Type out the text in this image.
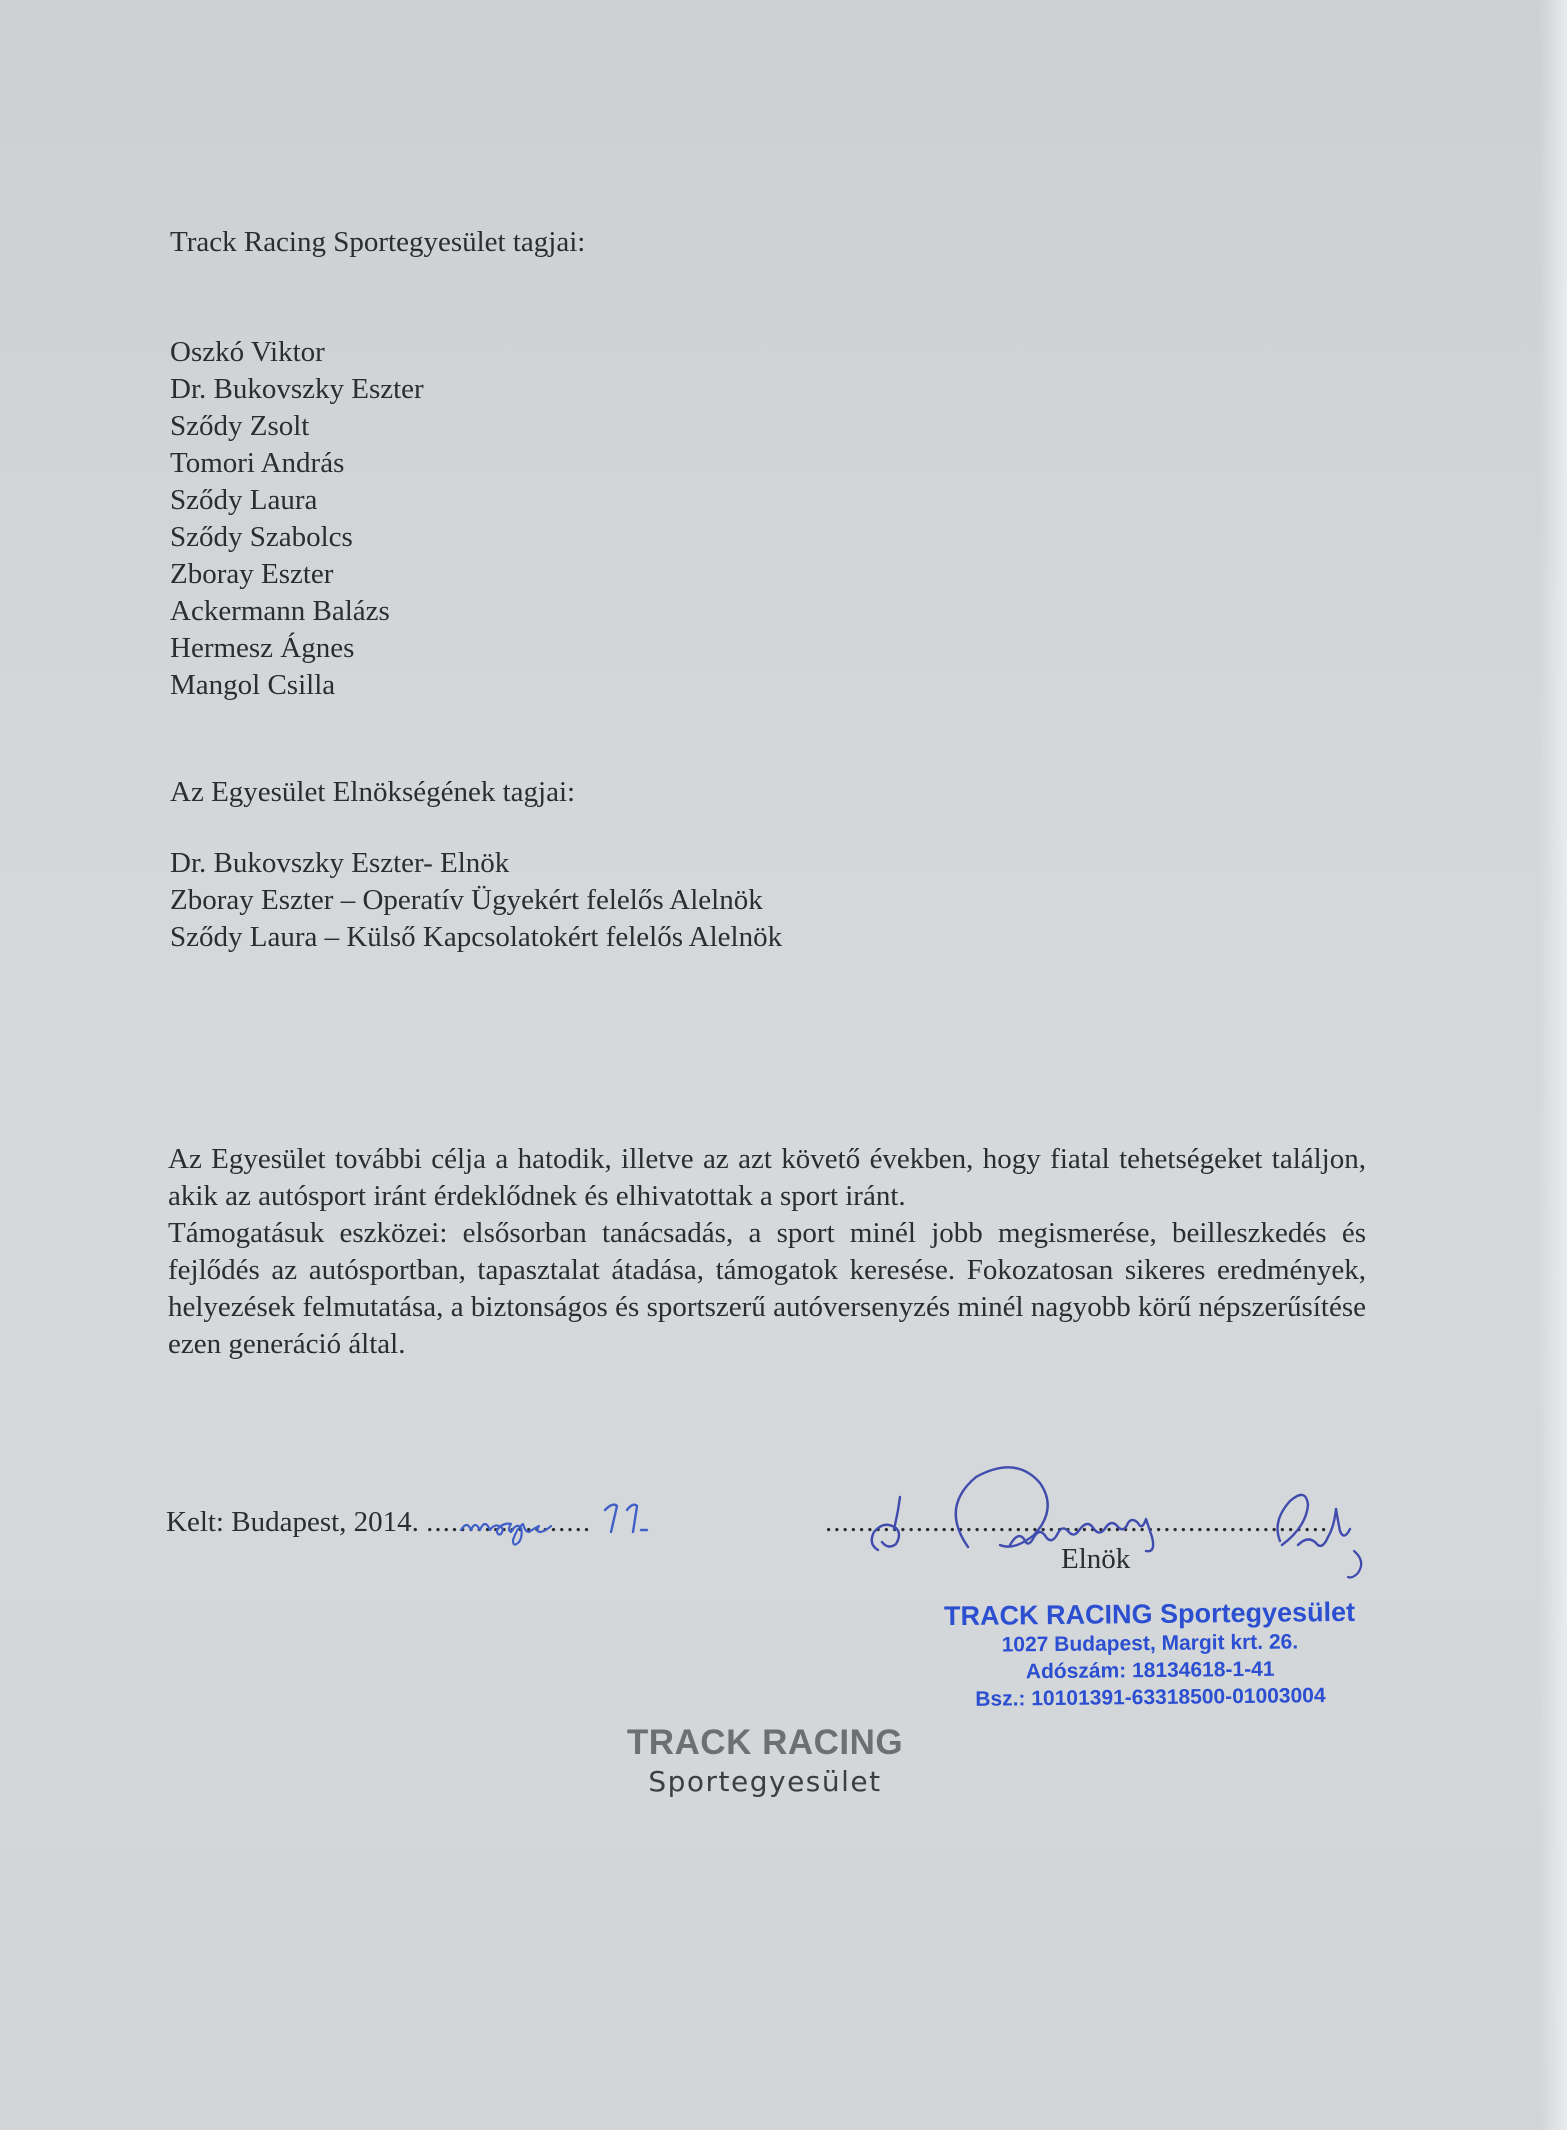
Track Racing Sportegyesület tagjai:

Oszkó Viktor
Dr. Bukovszky Eszter
Sződy Zsolt
Tomori András
Sződy Laura
Sződy Szabolcs
Zboray Eszter
Ackermann Balázs
Hermesz Ágnes
Mangol Csilla

Az Egyesület Elnökségének tagjai:

Dr. Bukovszky Eszter- Elnök
Zboray Eszter – Operatív Ügyekért felelős Alelnök
Sződy Laura – Külső Kapcsolatokért felelős Alelnök

Az Egyesület további célja a hatodik, illetve az azt követő években, hogy fiatal tehetségeket találjon, akik az autósport iránt érdeklődnek és elhivatottak a sport iránt.

Támogatásuk eszközei: elsősorban tanácsadás, a sport minél jobb megismerése, beilleszkedés és fejlődés az autósportban, tapasztalat átadása, támogatok keresése. Fokozatosan sikeres eredmények, helyezések felmutatása, a biztonságos és sportszerű autóversenyzés minél nagyobb körű népszerűsítése ezen generáció által.

Kelt: Budapest, 2014. ....................	.............................................................
Elnök
TRACK RACING Sportegyesület
1027 Budapest, Margit krt. 26.
Adószám: 18134618-1-41
Bsz.: 10101391-63318500-01003004
TRACK RACING
Sportegyesület
